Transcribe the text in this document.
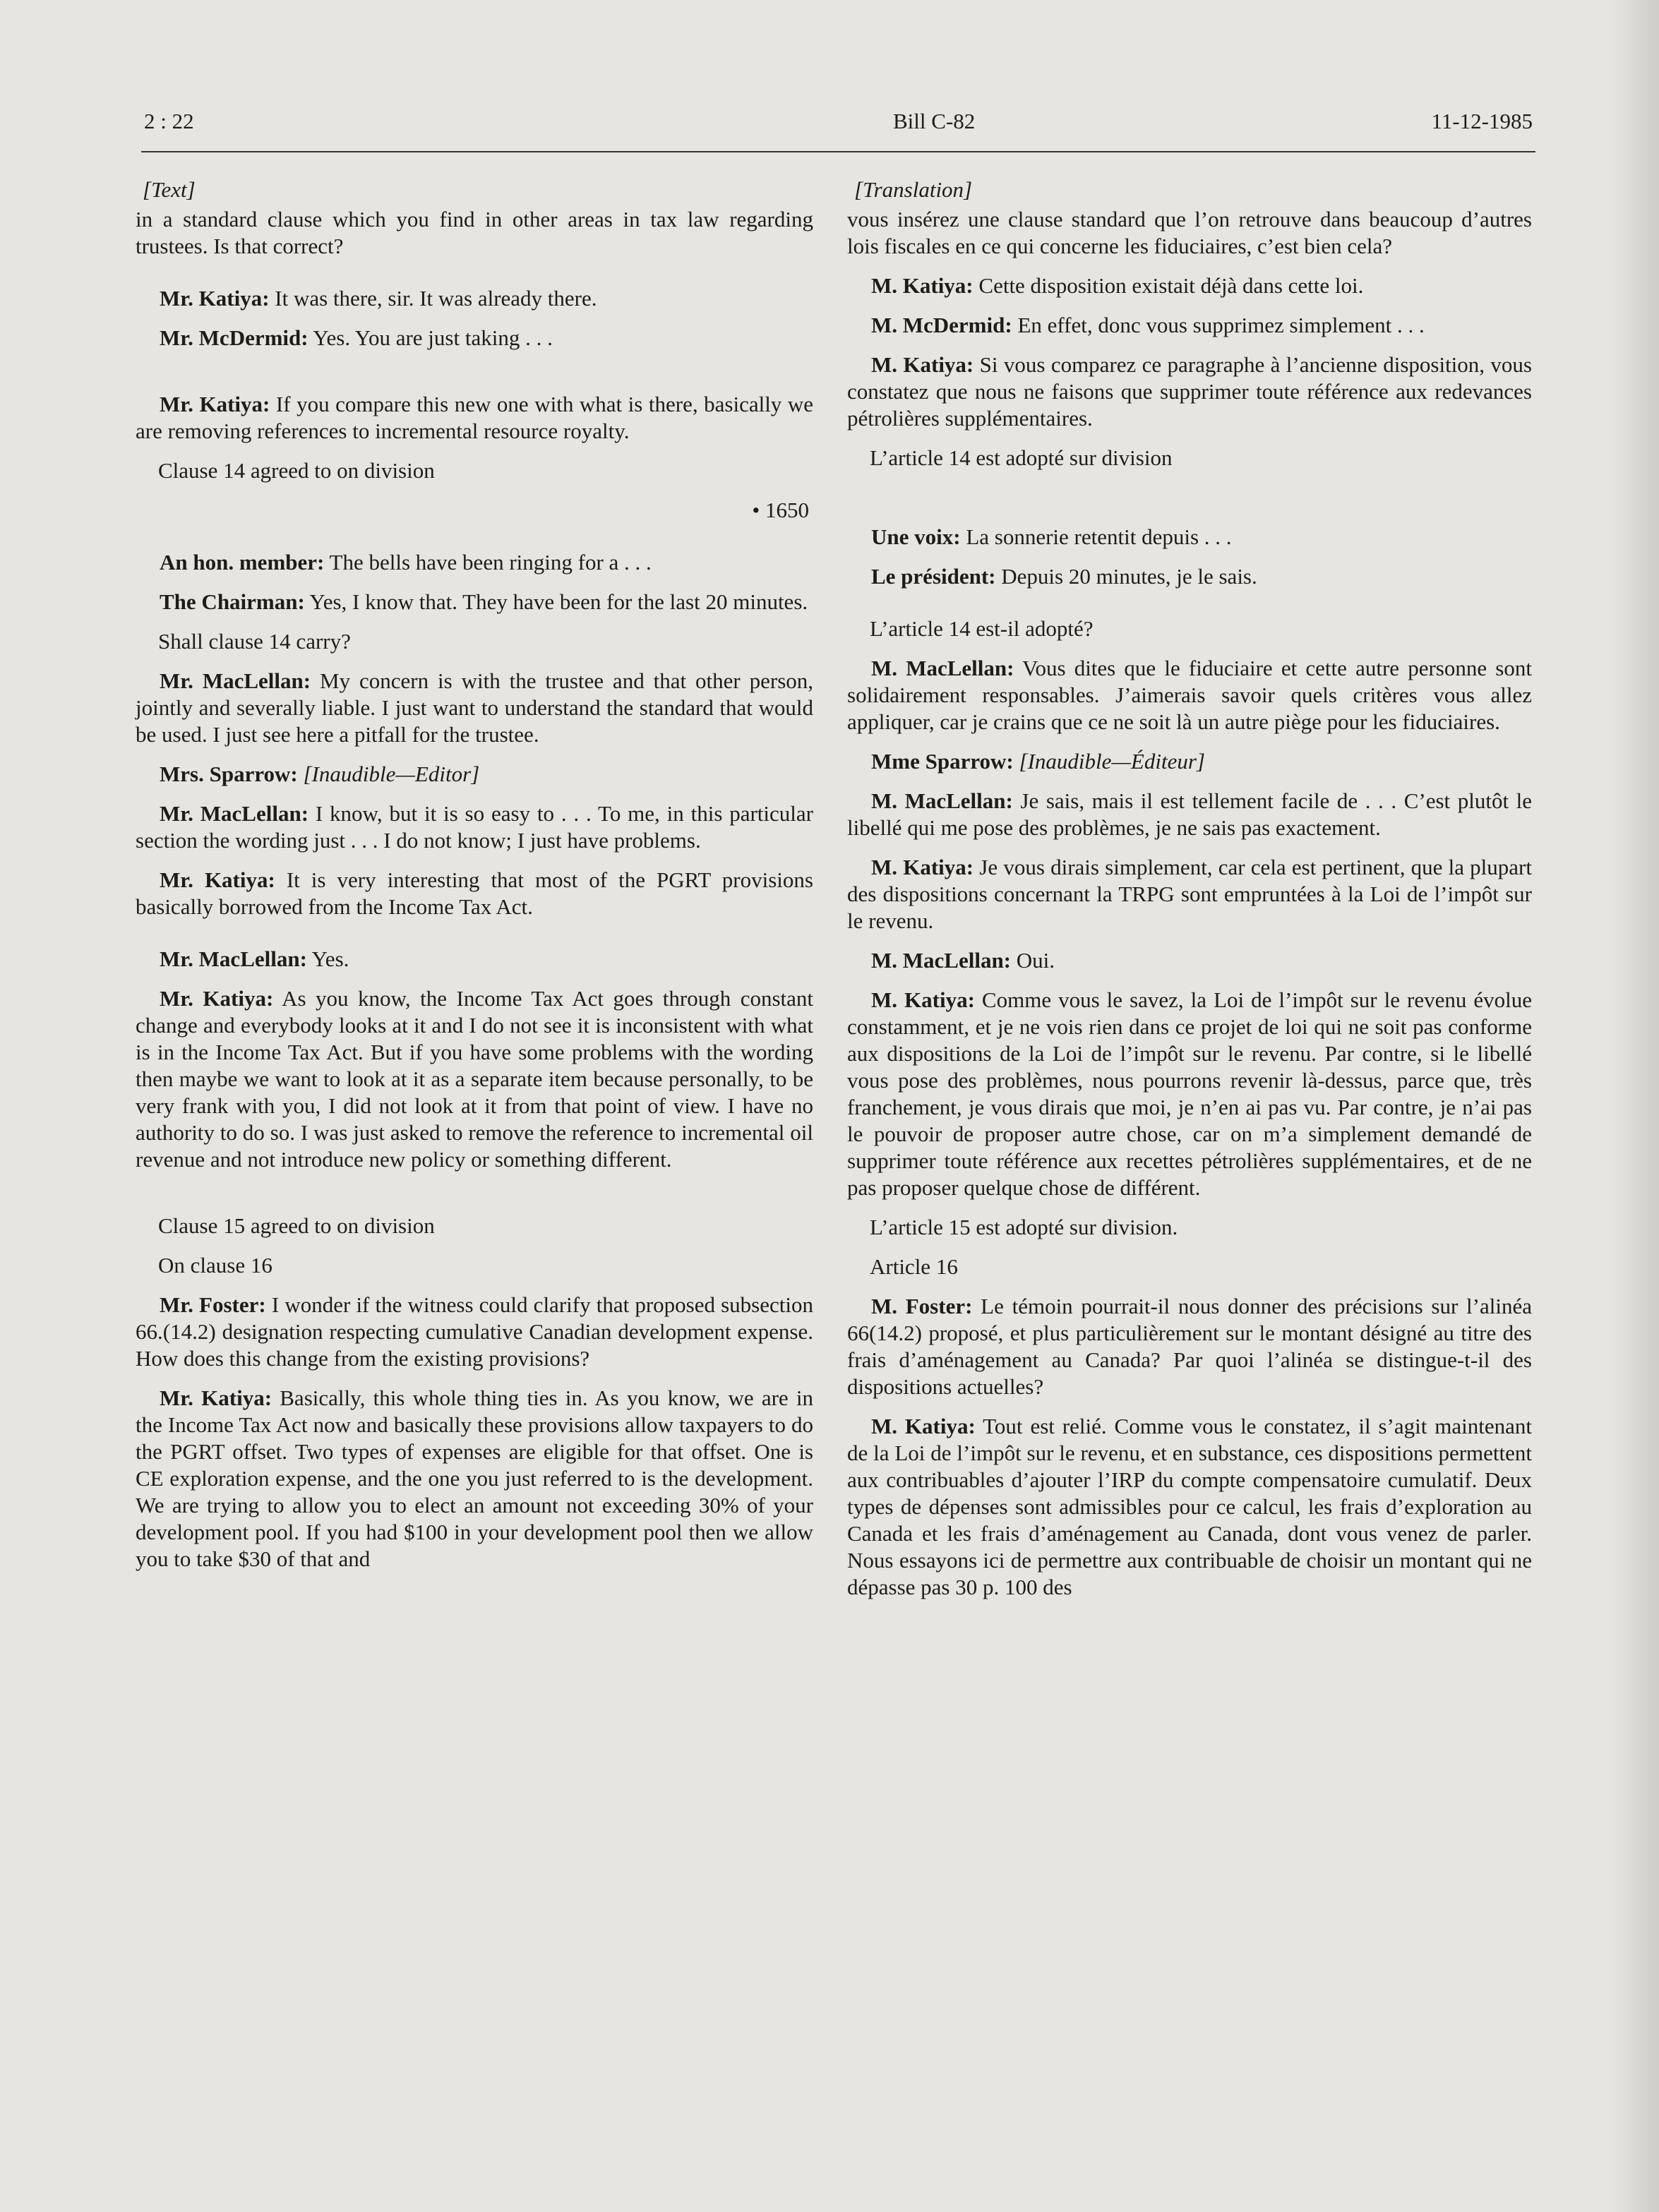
2 : 22	Bill C-82	11-12-1985

[Text]

in a standard clause which you find in other areas in tax law regarding trustees. Is that correct?

Mr. Katiya: It was there, sir. It was already there.

Mr. McDermid: Yes. You are just taking . . .

Mr. Katiya: If you compare this new one with what is there, basically we are removing references to incremental resource royalty.

Clause 14 agreed to on division

• 1650

An hon. member: The bells have been ringing for a . . .

The Chairman: Yes, I know that. They have been for the last 20 minutes.

Shall clause 14 carry?

Mr. MacLellan: My concern is with the trustee and that other person, jointly and severally liable. I just want to understand the standard that would be used. I just see here a pitfall for the trustee.

Mrs. Sparrow: [Inaudible—Editor]

Mr. MacLellan: I know, but it is so easy to . . . To me, in this particular section the wording just . . . I do not know; I just have problems.

Mr. Katiya: It is very interesting that most of the PGRT provisions basically borrowed from the Income Tax Act.

Mr. MacLellan: Yes.

Mr. Katiya: As you know, the Income Tax Act goes through constant change and everybody looks at it and I do not see it is inconsistent with what is in the Income Tax Act. But if you have some problems with the wording then maybe we want to look at it as a separate item because personally, to be very frank with you, I did not look at it from that point of view. I have no authority to do so. I was just asked to remove the reference to incremental oil revenue and not introduce new policy or something different.

Clause 15 agreed to on division

On clause 16

Mr. Foster: I wonder if the witness could clarify that proposed subsection 66.(14.2) designation respecting cumulative Canadian development expense. How does this change from the existing provisions?

Mr. Katiya: Basically, this whole thing ties in. As you know, we are in the Income Tax Act now and basically these provisions allow taxpayers to do the PGRT offset. Two types of expenses are eligible for that offset. One is CE exploration expense, and the one you just referred to is the development. We are trying to allow you to elect an amount not exceeding 30% of your development pool. If you had $100 in your development pool then we allow you to take $30 of that and

[Translation]

vous insérez une clause standard que l’on retrouve dans beaucoup d’autres lois fiscales en ce qui concerne les fiduciaires, c’est bien cela?

M. Katiya: Cette disposition existait déjà dans cette loi.

M. McDermid: En effet, donc vous supprimez simplement . . .

M. Katiya: Si vous comparez ce paragraphe à l’ancienne disposition, vous constatez que nous ne faisons que supprimer toute référence aux redevances pétrolières supplémentaires.

L’article 14 est adopté sur division

Une voix: La sonnerie retentit depuis . . .

Le président: Depuis 20 minutes, je le sais.

L’article 14 est-il adopté?

M. MacLellan: Vous dites que le fiduciaire et cette autre personne sont solidairement responsables. J’aimerais savoir quels critères vous allez appliquer, car je crains que ce ne soit là un autre piège pour les fiduciaires.

Mme Sparrow: [Inaudible—Éditeur]

M. MacLellan: Je sais, mais il est tellement facile de . . . C’est plutôt le libellé qui me pose des problèmes, je ne sais pas exactement.

M. Katiya: Je vous dirais simplement, car cela est pertinent, que la plupart des dispositions concernant la TRPG sont empruntées à la Loi de l’impôt sur le revenu.

M. MacLellan: Oui.

M. Katiya: Comme vous le savez, la Loi de l’impôt sur le revenu évolue constamment, et je ne vois rien dans ce projet de loi qui ne soit pas conforme aux dispositions de la Loi de l’impôt sur le revenu. Par contre, si le libellé vous pose des problèmes, nous pourrons revenir là-dessus, parce que, très franchement, je vous dirais que moi, je n’en ai pas vu. Par contre, je n’ai pas le pouvoir de proposer autre chose, car on m’a simplement demandé de supprimer toute référence aux recettes pétrolières supplémentaires, et de ne pas proposer quelque chose de différent.

L’article 15 est adopté sur division.

Article 16

M. Foster: Le témoin pourrait-il nous donner des précisions sur l’alinéa 66(14.2) proposé, et plus particulièrement sur le montant désigné au titre des frais d’aménagement au Canada? Par quoi l’alinéa se distingue-t-il des dispositions actuelles?

M. Katiya: Tout est relié. Comme vous le constatez, il s’agit maintenant de la Loi de l’impôt sur le revenu, et en substance, ces dispositions permettent aux contribuables d’ajouter l’IRP du compte compensatoire cumulatif. Deux types de dépenses sont admissibles pour ce calcul, les frais d’exploration au Canada et les frais d’aménagement au Canada, dont vous venez de parler. Nous essayons ici de permettre aux contribuable de choisir un montant qui ne dépasse pas 30 p. 100 des
